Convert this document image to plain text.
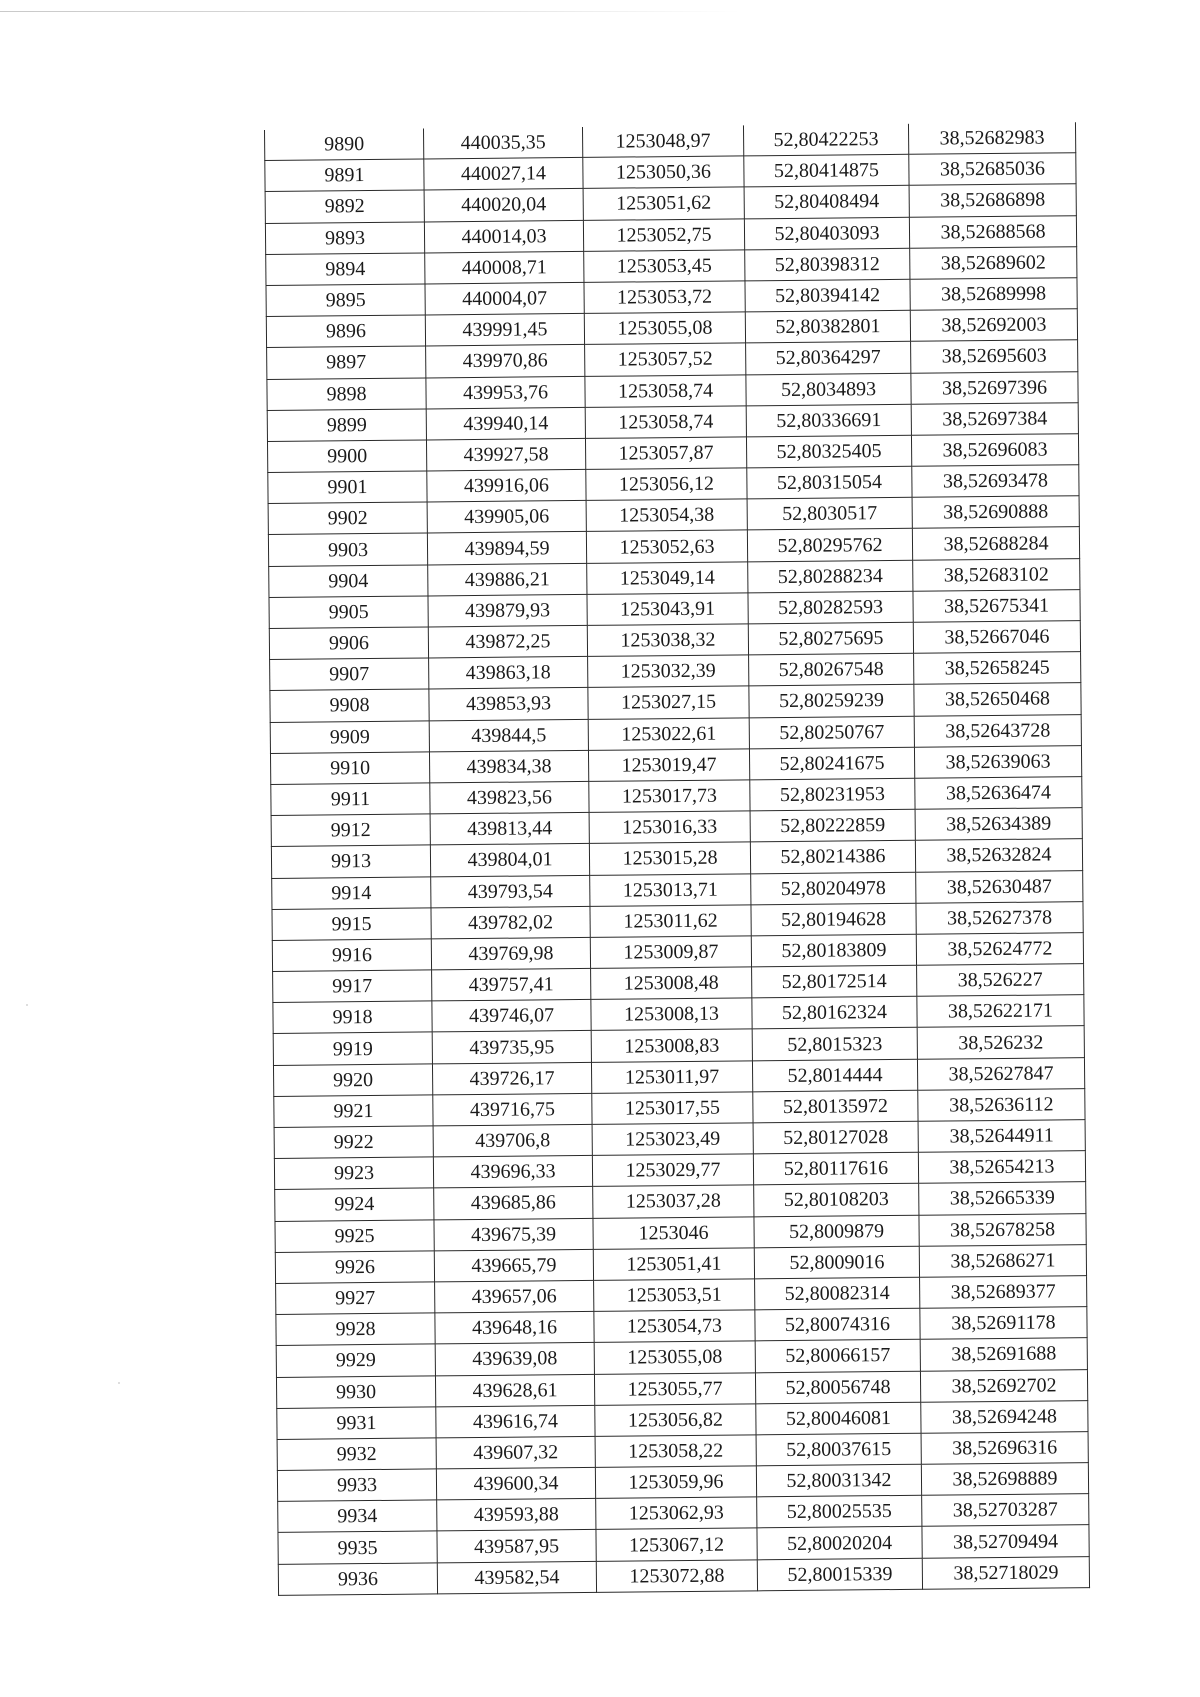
9890	440035,35	1253048,97	52,80422253	38,52682983
9891	440027,14	1253050,36	52,80414875	38,52685036
9892	440020,04	1253051,62	52,80408494	38,52686898
9893	440014,03	1253052,75	52,80403093	38,52688568
9894	440008,71	1253053,45	52,80398312	38,52689602
9895	440004,07	1253053,72	52,80394142	38,52689998
9896	439991,45	1253055,08	52,80382801	38,52692003
9897	439970,86	1253057,52	52,80364297	38,52695603
9898	439953,76	1253058,74	52,8034893	38,52697396
9899	439940,14	1253058,74	52,80336691	38,52697384
9900	439927,58	1253057,87	52,80325405	38,52696083
9901	439916,06	1253056,12	52,80315054	38,52693478
9902	439905,06	1253054,38	52,8030517	38,52690888
9903	439894,59	1253052,63	52,80295762	38,52688284
9904	439886,21	1253049,14	52,80288234	38,52683102
9905	439879,93	1253043,91	52,80282593	38,52675341
9906	439872,25	1253038,32	52,80275695	38,52667046
9907	439863,18	1253032,39	52,80267548	38,52658245
9908	439853,93	1253027,15	52,80259239	38,52650468
9909	439844,5	1253022,61	52,80250767	38,52643728
9910	439834,38	1253019,47	52,80241675	38,52639063
9911	439823,56	1253017,73	52,80231953	38,52636474
9912	439813,44	1253016,33	52,80222859	38,52634389
9913	439804,01	1253015,28	52,80214386	38,52632824
9914	439793,54	1253013,71	52,80204978	38,52630487
9915	439782,02	1253011,62	52,80194628	38,52627378
9916	439769,98	1253009,87	52,80183809	38,52624772
9917	439757,41	1253008,48	52,80172514	38,526227
9918	439746,07	1253008,13	52,80162324	38,52622171
9919	439735,95	1253008,83	52,8015323	38,526232
9920	439726,17	1253011,97	52,8014444	38,52627847
9921	439716,75	1253017,55	52,80135972	38,52636112
9922	439706,8	1253023,49	52,80127028	38,52644911
9923	439696,33	1253029,77	52,80117616	38,52654213
9924	439685,86	1253037,28	52,80108203	38,52665339
9925	439675,39	1253046	52,8009879	38,52678258
9926	439665,79	1253051,41	52,8009016	38,52686271
9927	439657,06	1253053,51	52,80082314	38,52689377
9928	439648,16	1253054,73	52,80074316	38,52691178
9929	439639,08	1253055,08	52,80066157	38,52691688
9930	439628,61	1253055,77	52,80056748	38,52692702
9931	439616,74	1253056,82	52,80046081	38,52694248
9932	439607,32	1253058,22	52,80037615	38,52696316
9933	439600,34	1253059,96	52,80031342	38,52698889
9934	439593,88	1253062,93	52,80025535	38,52703287
9935	439587,95	1253067,12	52,80020204	38,52709494
9936	439582,54	1253072,88	52,80015339	38,52718029
